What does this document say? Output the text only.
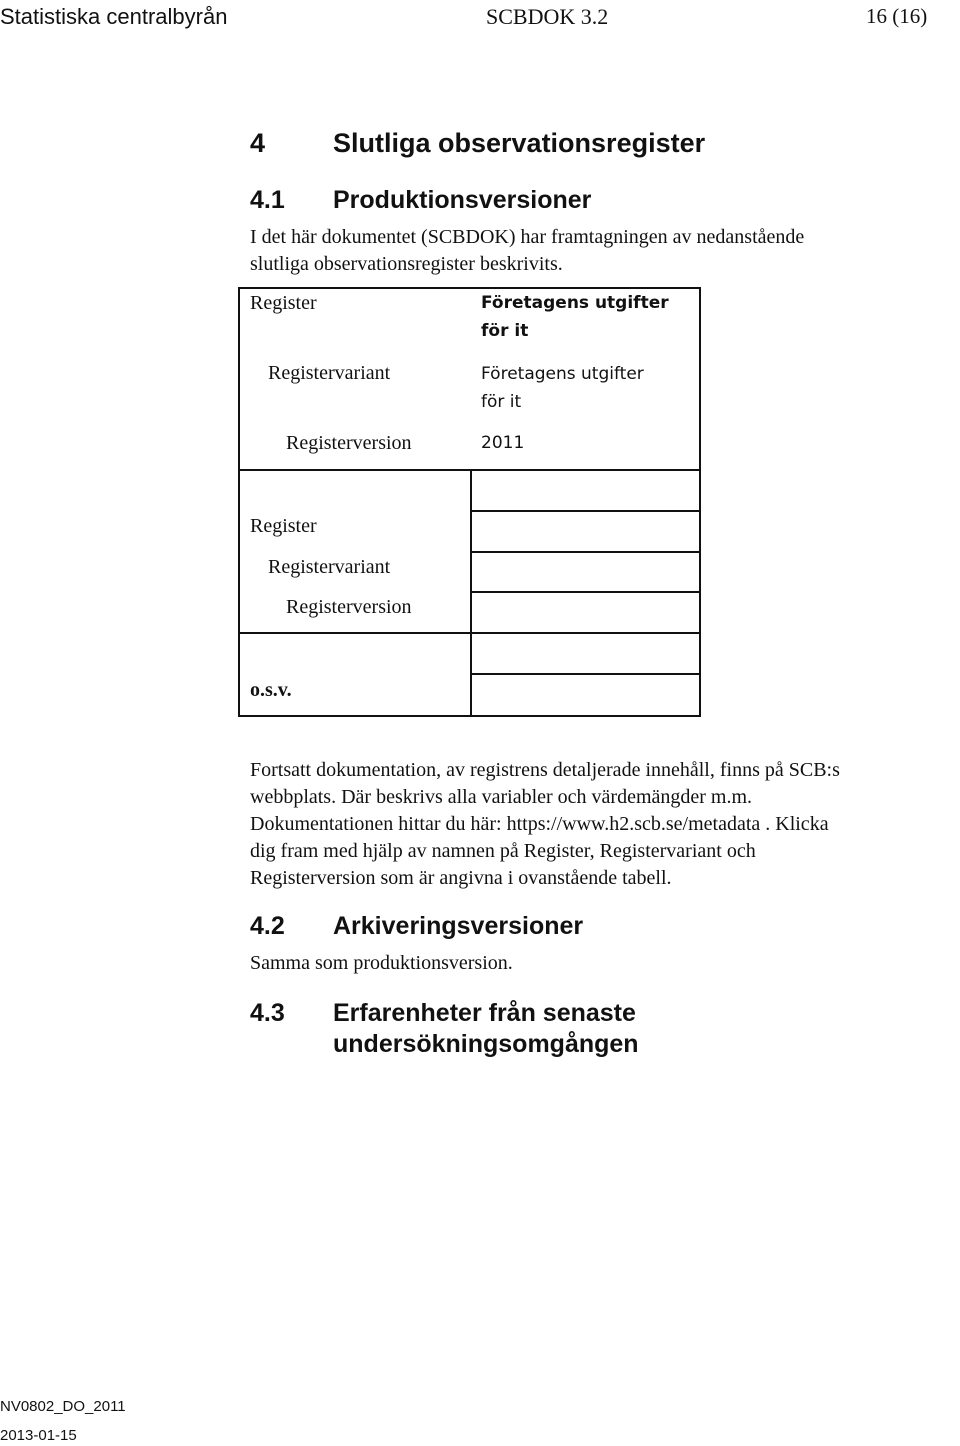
Statistiska centralbyrån	SCBDOK 3.2	16 (16)
4	Slutliga observationsregister
4.1 Produktionsversioner
I det här dokumentet (SCBDOK) har framtagningen av nedanstående
slutliga observationsregister beskrivits.
Register	Företagens utgifter
för it
Registervariant	Företagens utgifter
för it
Registerversion	2011
Register
Registervariant
Registerversion
o.s.v.
Fortsatt dokumentation, av registrens detaljerade innehåll, finns på SCB:s
webbplats. Där beskrivs alla variabler och värdemängder m.m.
Dokumentationen hittar du här: https://www.h2.scb.se/metadata . Klicka
dig fram med hjälp av namnen på Register, Registervariant och
Registerversion som är angivna i ovanstående tabell.
4.2 Arkiveringsversioner
Samma som produktionsversion.
4.3 Erfarenheter från senaste
undersökningsomgången
NV0802_DO_2011
2013-01-15
